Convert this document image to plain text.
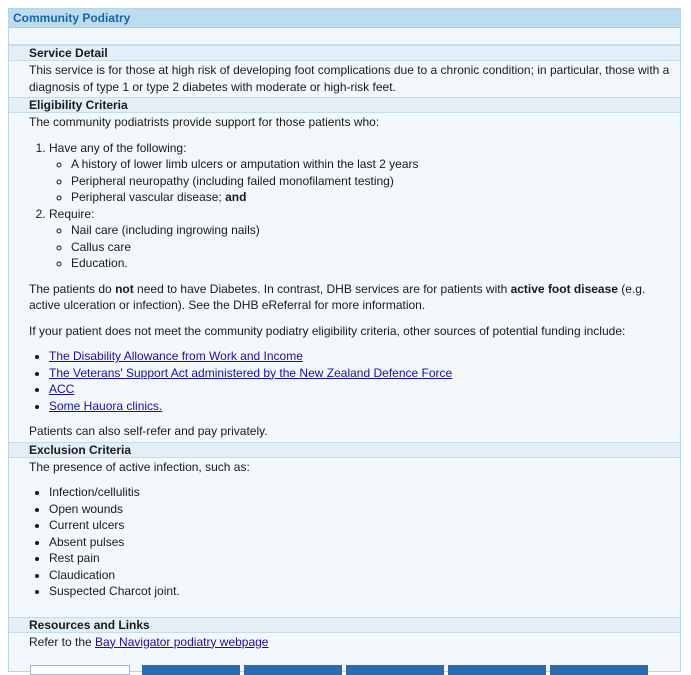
Community Podiatry
Service Detail

This service is for those at high risk of developing foot complications due to a chronic condition; in particular, those with a diagnosis of type 1 or type 2 diabetes with moderate or high-risk feet.

Eligibility Criteria

The community podiatrists provide support for those patients who:

1. Have any of the following:
◦ A history of lower limb ulcers or amputation within the last 2 years
◦ Peripheral neuropathy (including failed monofilament testing)
◦ Peripheral vascular disease; and
2. Require:
◦ Nail care (including ingrowing nails)
◦ Callus care
◦ Education.

The patients do not need to have Diabetes. In contrast, DHB services are for patients with active foot disease (e.g. active ulceration or infection). See the DHB eReferral for more information.

If your patient does not meet the community podiatry eligibility criteria, other sources of potential funding include:

• The Disability Allowance from Work and Income
• The Veterans' Support Act administered by the New Zealand Defence Force
• ACC
• Some Hauora clinics.

Patients can also self-refer and pay privately.

Exclusion Criteria

The presence of active infection, such as:

• Infection/cellulitis
• Open wounds
• Current ulcers
• Absent pulses
• Rest pain
• Claudication
• Suspected Charcot joint.
Resources and Links

Refer to the Bay Navigator podiatry webpage
